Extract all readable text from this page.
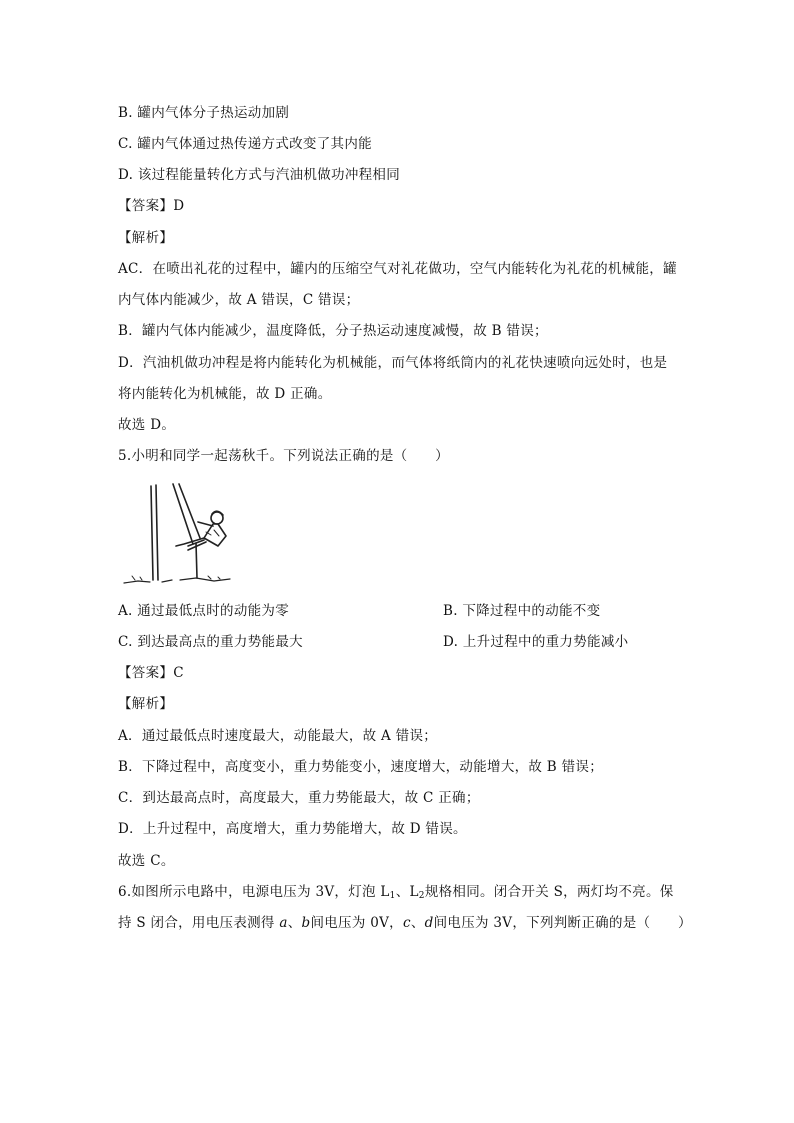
B. 罐内气体分子热运动加剧
C. 罐内气体通过热传递方式改变了其内能
D. 该过程能量转化方式与汽油机做功冲程相同
【答案】D
【解析】
AC．在喷出礼花的过程中，罐内的压缩空气对礼花做功，空气内能转化为礼花的机械能，罐
内气体内能减少，故 A 错误，C 错误；
B．罐内气体内能减少，温度降低，分子热运动速度减慢，故 B 错误；
D．汽油机做功冲程是将内能转化为机械能，而气体将纸筒内的礼花快速喷向远处时，也是
将内能转化为机械能，故 D 正确。
故选 D。
5.小明和同学一起荡秋千。下列说法正确的是（　　）
A. 通过最低点时的动能为零	B. 下降过程中的动能不变
C. 到达最高点的重力势能最大	D. 上升过程中的重力势能减小
【答案】C
【解析】
A．通过最低点时速度最大，动能最大，故 A 错误；
B．下降过程中，高度变小，重力势能变小，速度增大，动能增大，故 B 错误；
C．到达最高点时，高度最大，重力势能最大，故 C 正确；
D．上升过程中，高度增大，重力势能增大，故 D 错误。
故选 C。
6.如图所示电路中，电源电压为 3V，灯泡 $L_1$、$L_2$规格相同。闭合开关 S，两灯均不亮。保
持 S 闭合，用电压表测得 a、b间电压为 0V，c、d间电压为 3V，下列判断正确的是（　　）
